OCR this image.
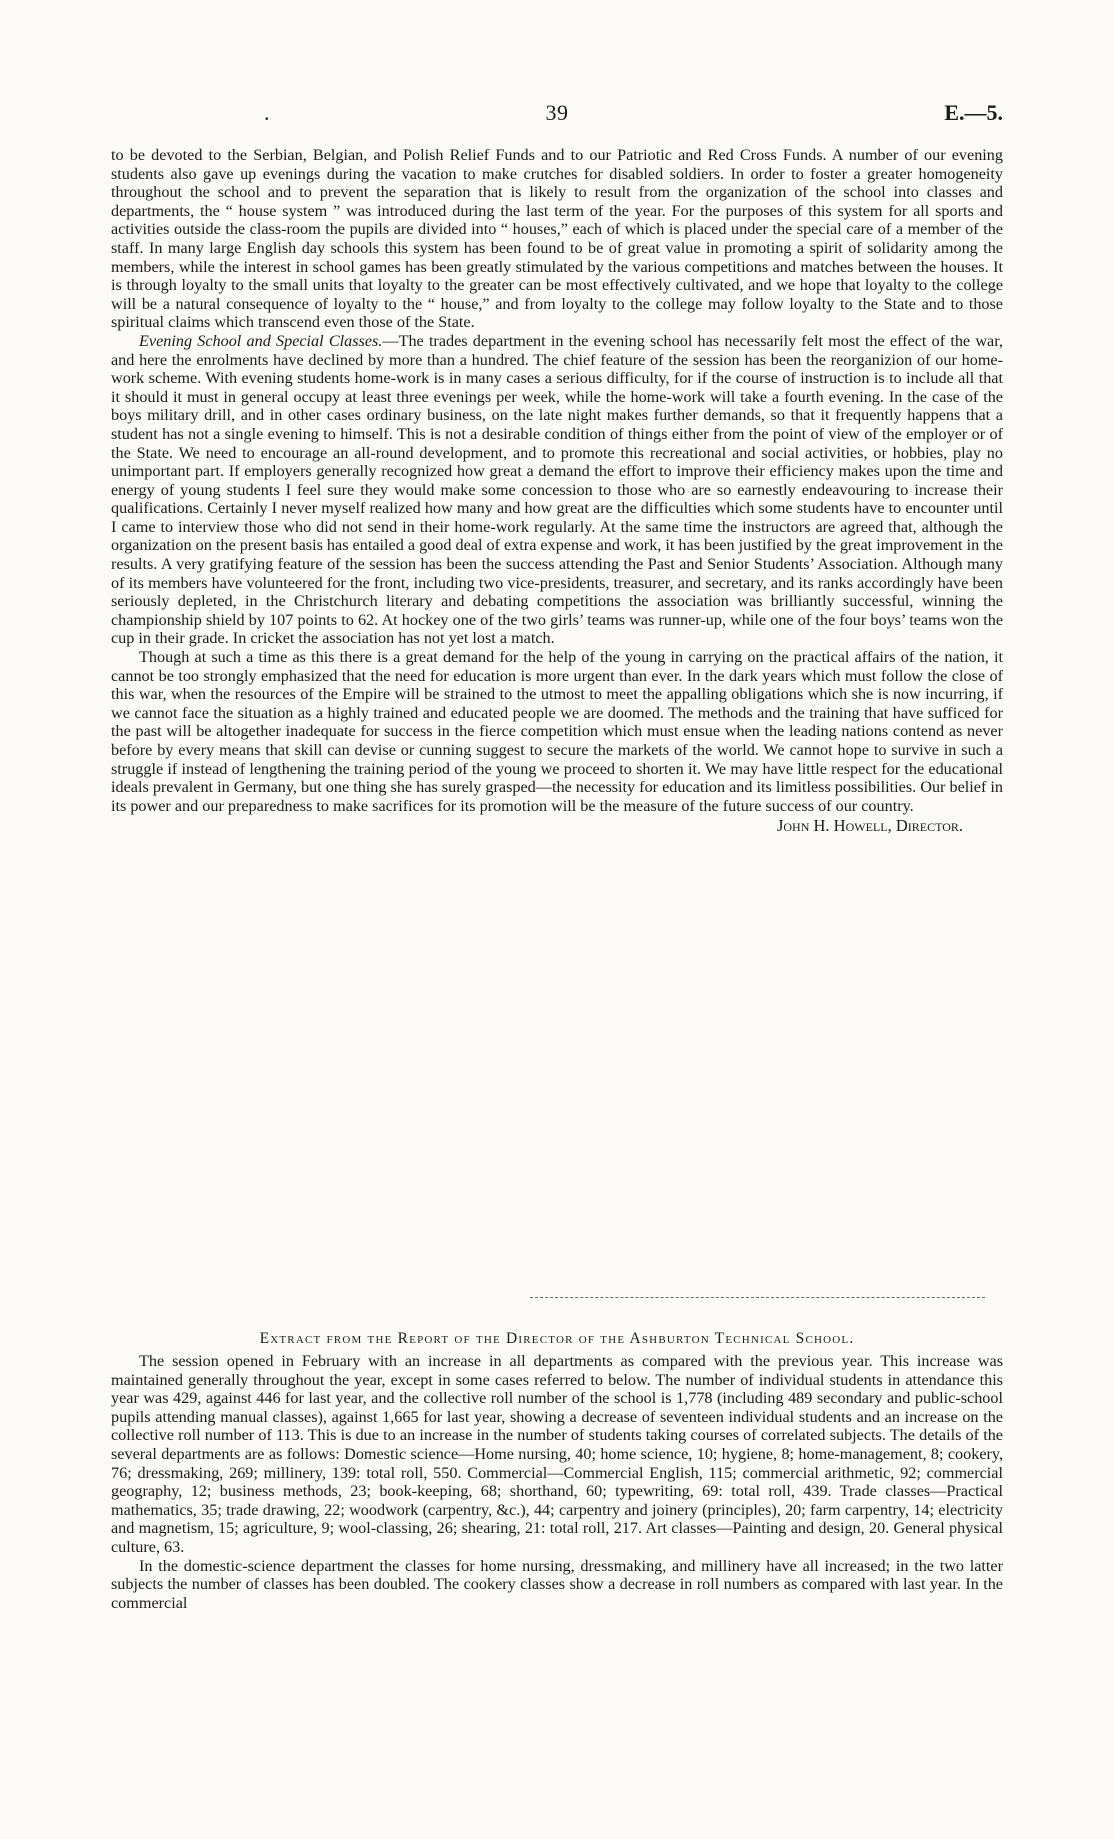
.	39	E.—5.

to be devoted to the Serbian, Belgian, and Polish Relief Funds and to our Patriotic and Red Cross Funds. A number of our evening students also gave up evenings during the vacation to make crutches for disabled soldiers. In order to foster a greater homogeneity throughout the school and to prevent the separation that is likely to result from the organization of the school into classes and departments, the “ house system ” was introduced during the last term of the year. For the purposes of this system for all sports and activities outside the class-room the pupils are divided into “ houses,” each of which is placed under the special care of a member of the staff. In many large English day schools this system has been found to be of great value in promoting a spirit of solidarity among the members, while the interest in school games has been greatly stimulated by the various competitions and matches between the houses. It is through loyalty to the small units that loyalty to the greater can be most effectively cultivated, and we hope that loyalty to the college will be a natural consequence of loyalty to the “ house,” and from loyalty to the college may follow loyalty to the State and to those spiritual claims which transcend even those of the State.

Evening School and Special Classes.—The trades department in the evening school has necessarily felt most the effect of the war, and here the enrolments have declined by more than a hundred. The chief feature of the session has been the reorganizion of our home-work scheme. With evening students home-work is in many cases a serious difficulty, for if the course of instruction is to include all that it should it must in general occupy at least three evenings per week, while the home-work will take a fourth evening. In the case of the boys military drill, and in other cases ordinary business, on the late night makes further demands, so that it frequently happens that a student has not a single evening to himself. This is not a desirable condition of things either from the point of view of the employer or of the State. We need to encourage an all-round development, and to promote this recreational and social activities, or hobbies, play no unimportant part. If employers generally recognized how great a demand the effort to improve their efficiency makes upon the time and energy of young students I feel sure they would make some concession to those who are so earnestly endeavouring to increase their qualifications. Certainly I never myself realized how many and how great are the difficulties which some students have to encounter until I came to interview those who did not send in their home-work regularly. At the same time the instructors are agreed that, although the organization on the present basis has entailed a good deal of extra expense and work, it has been justified by the great improvement in the results. A very gratifying feature of the session has been the success attending the Past and Senior Students’ Association. Although many of its members have volunteered for the front, including two vice-presidents, treasurer, and secretary, and its ranks accordingly have been seriously depleted, in the Christchurch literary and debating competitions the association was brilliantly successful, winning the championship shield by 107 points to 62. At hockey one of the two girls’ teams was runner-up, while one of the four boys’ teams won the cup in their grade. In cricket the association has not yet lost a match.

Though at such a time as this there is a great demand for the help of the young in carrying on the practical affairs of the nation, it cannot be too strongly emphasized that the need for education is more urgent than ever. In the dark years which must follow the close of this war, when the resources of the Empire will be strained to the utmost to meet the appalling obligations which she is now incurring, if we cannot face the situation as a highly trained and educated people we are doomed. The methods and the training that have sufficed for the past will be altogether inadequate for success in the fierce competition which must ensue when the leading nations contend as never before by every means that skill can devise or cunning suggest to secure the markets of the world. We cannot hope to survive in such a struggle if instead of lengthening the training period of the young we proceed to shorten it. We may have little respect for the educational ideals prevalent in Germany, but one thing she has surely grasped—the necessity for education and its limitless possibilities. Our belief in its power and our preparedness to make sacrifices for its promotion will be the measure of the future success of our country.

John H. Howell, Director.
Extract from the Report of the Director of the Ashburton Technical School.

The session opened in February with an increase in all departments as compared with the previous year. This increase was maintained generally throughout the year, except in some cases referred to below. The number of individual students in attendance this year was 429, against 446 for last year, and the collective roll number of the school is 1,778 (including 489 secondary and public-school pupils attending manual classes), against 1,665 for last year, showing a decrease of seventeen individual students and an increase on the collective roll number of 113. This is due to an increase in the number of students taking courses of correlated subjects. The details of the several departments are as follows: Domestic science—Home nursing, 40; home science, 10; hygiene, 8; home-management, 8; cookery, 76; dressmaking, 269; millinery, 139: total roll, 550. Commercial—Commercial English, 115; commercial arithmetic, 92; commercial geography, 12; business methods, 23; book-keeping, 68; shorthand, 60; typewriting, 69: total roll, 439. Trade classes—Practical mathematics, 35; trade drawing, 22; woodwork (carpentry, &c.), 44; carpentry and joinery (principles), 20; farm carpentry, 14; electricity and magnetism, 15; agriculture, 9; wool-classing, 26; shearing, 21: total roll, 217. Art classes—Painting and design, 20. General physical culture, 63.

In the domestic-science department the classes for home nursing, dressmaking, and millinery have all increased; in the two latter subjects the number of classes has been doubled. The cookery classes show a decrease in roll numbers as compared with last year. In the commercial
